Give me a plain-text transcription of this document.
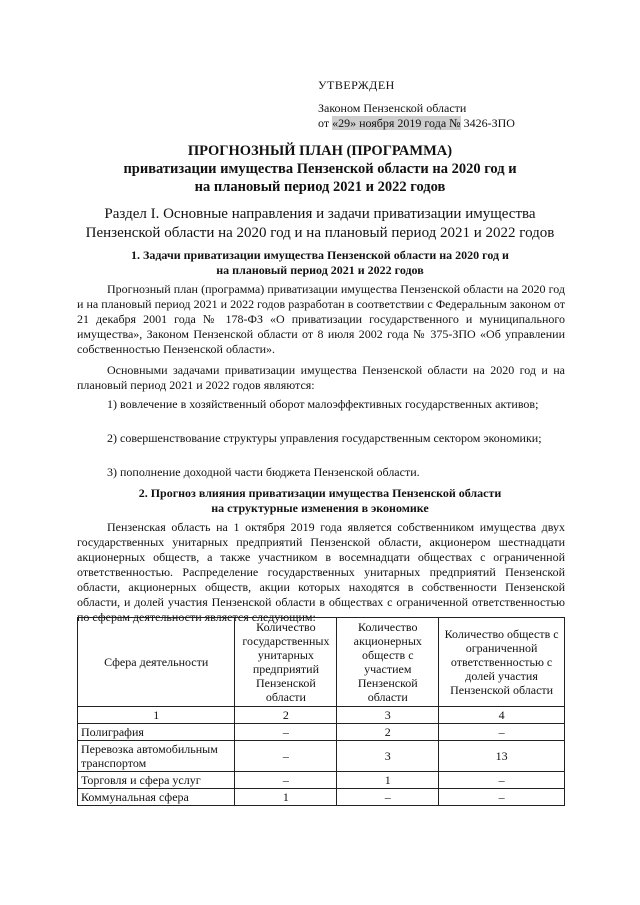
УТВЕРЖДЕН
Законом Пензенской области
от «29» ноября 2019 года № 3426-ЗПО
ПРОГНОЗНЫЙ ПЛАН (ПРОГРАММА)
приватизации имущества Пензенской области на 2020 год и
на плановый период 2021 и 2022 годов
Раздел I. Основные направления и задачи приватизации имущества
Пензенской области на 2020 год и на плановый период 2021 и 2022 годов
1. Задачи приватизации имущества Пензенской области на 2020 год и
на плановый период 2021 и 2022 годов
Прогнозный план (программа) приватизации имущества Пензенской области на 2020 год и на плановый период 2021 и 2022 годов разработан в соответствии с Федеральным законом от 21 декабря 2001 года № 178-ФЗ «О приватизации государственного и муниципального имущества», Законом Пензенской области от 8 июля 2002 года № 375-ЗПО «Об управлении собственностью Пензенской области».
Основными задачами приватизации имущества Пензенской области на 2020 год и на плановый период 2021 и 2022 годов являются:
1) вовлечение в хозяйственный оборот малоэффективных государственных активов;
2) совершенствование структуры управления государственным сектором экономики;
3) пополнение доходной части бюджета Пензенской области.
2. Прогноз влияния приватизации имущества Пензенской области
на структурные изменения в экономике
Пензенская область на 1 октября 2019 года является собственником имущества двух государственных унитарных предприятий Пензенской области, акционером шестнадцати акционерных обществ, а также участником в восемнадцати обществах с ограниченной ответственностью. Распределение государственных унитарных предприятий Пензенской области, акционерных обществ, акции которых находятся в собственности Пензенской области, и долей участия Пензенской области в обществах с ограниченной ответственностью по сферам деятельности является следующим:
Сфера деятельности	Количество государственных унитарных предприятий Пензенской области	Количество акционерных обществ с участием Пензенской области	Количество обществ с ограниченной ответственностью с долей участия Пензенской области
1	2	3	4
Полиграфия	–	2	–
Перевозка автомобильным транспортом	–	3	13
Торговля и сфера услуг	–	1	–
Коммунальная сфера	1	–	–
